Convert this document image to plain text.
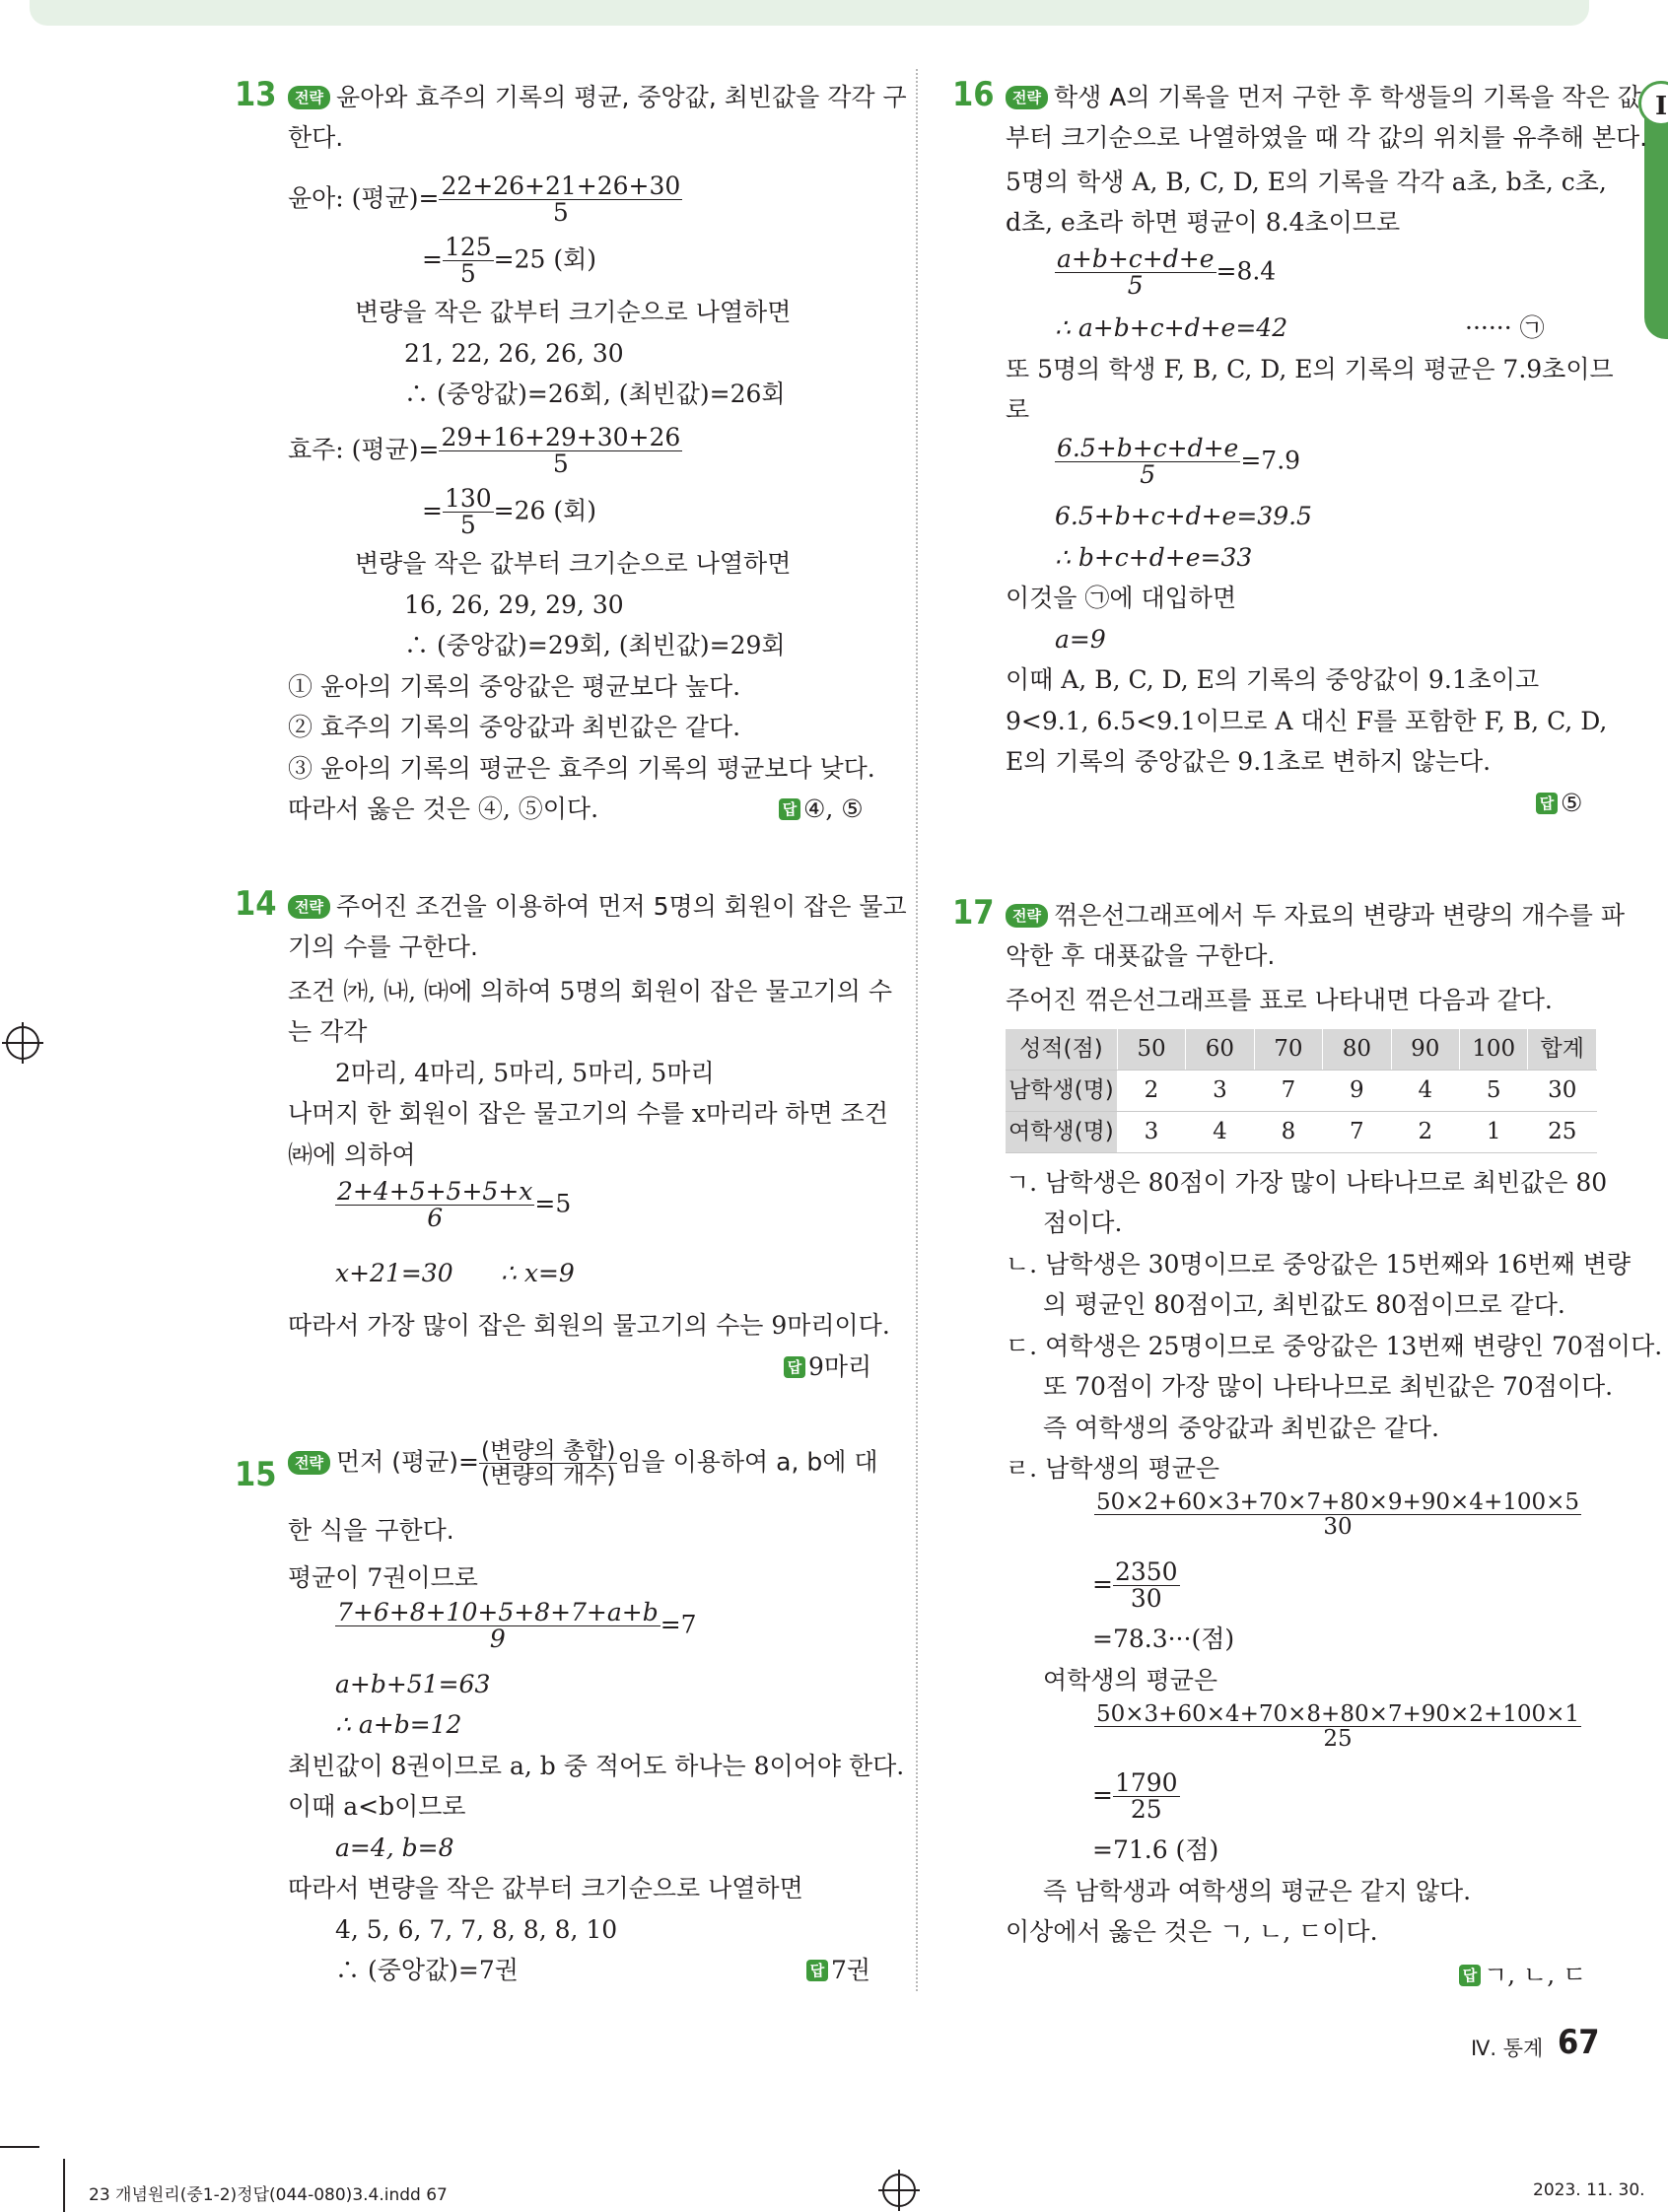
I
13	전략 윤아와 효주의 기록의 평균, 중앙값, 최빈값을 각각 구
한다.
윤아: (평균)= $\frac{22+26+21+26+30}{5}$
= $\frac{125}{5} =25$ (회)
변량을 작은 값부터 크기순으로 나열하면
21, 22, 26, 26, 30
∴ (중앙값)=26회, (최빈값)=26회
효주: (평균)= $\frac{29+16+29+30+26}{5}$
= $\frac{130}{5} =26$ (회)
변량을 작은 값부터 크기순으로 나열하면
16, 26, 29, 29, 30
∴ (중앙값)=29회, (최빈값)=29회
① 윤아의 기록의 중앙값은 평균보다 높다.
② 효주의 기록의 중앙값과 최빈값은 같다.
③ 윤아의 기록의 평균은 효주의 기록의 평균보다 낮다.
따라서 옳은 것은 ④, ⑤이다.	답 ④, ⑤
14	전략 주어진 조건을 이용하여 먼저 5명의 회원이 잡은 물고
기의 수를 구한다.
조건 ㈎, ㈏, ㈐에 의하여 5명의 회원이 잡은 물고기의 수
는 각각
2마리, 4마리, 5마리, 5마리, 5마리
나머지 한 회원이 잡은 물고기의 수를 x마리라 하면 조건
㈑에 의하여
$\frac{2+4+5+5+5+x}{6} =5$
x+21=30 ∴ x=9
따라서 가장 많이 잡은 회원의 물고기의 수는 9마리이다.
답 9마리
15	전략 먼저 (평균)= $\frac{\text{(변량의 총합)}}{\text{(변량의 개수)}}$ 임을 이용하여 a, b에 대
한 식을 구한다.
평균이 7권이므로
$\frac{7+6+8+10+5+8+7+a+b}{9} =7$
a+b+51=63
∴ a+b=12
최빈값이 8권이므로 a, b 중 적어도 하나는 8이어야 한다.
이때 a<b이므로
a=4, b=8
따라서 변량을 작은 값부터 크기순으로 나열하면
4, 5, 6, 7, 7, 8, 8, 8, 10
∴ (중앙값)=7권	답 7권
16	전략 학생 A의 기록을 먼저 구한 후 학생들의 기록을 작은 값
부터 크기순으로 나열하였을 때 각 값의 위치를 유추해 본다.
5명의 학생 A, B, C, D, E의 기록을 각각 a초, b초, c초,
d초, e초라 하면 평균이 8.4초이므로
$\frac{a+b+c+d+e}{5} =8.4$
∴ a+b+c+d+e=42	······ ㉠
또 5명의 학생 F, B, C, D, E의 기록의 평균은 7.9초이므
로
$\frac{6.5+b+c+d+e}{5} =7.9$
6.5+b+c+d+e=39.5
∴ b+c+d+e=33
이것을 ㉠에 대입하면
a=9
이때 A, B, C, D, E의 기록의 중앙값이 9.1초이고
9<9.1, 6.5<9.1이므로 A 대신 F를 포함한 F, B, C, D,
E의 기록의 중앙값은 9.1초로 변하지 않는다.
답 ⑤
17	전략 꺾은선그래프에서 두 자료의 변량과 변량의 개수를 파
악한 후 대푯값을 구한다.
주어진 꺾은선그래프를 표로 나타내면 다음과 같다.
성적(점)	50	60	70	80	90	100	합계
남학생(명)	2	3	7	9	4	5	30
여학생(명)	3	4	8	7	2	1	25
ㄱ. 남학생은 80점이 가장 많이 나타나므로 최빈값은 80
점이다.
ㄴ. 남학생은 30명이므로 중앙값은 15번째와 16번째 변량
의 평균인 80점이고, 최빈값도 80점이므로 같다.
ㄷ. 여학생은 25명이므로 중앙값은 13번째 변량인 70점이다.
또 70점이 가장 많이 나타나므로 최빈값은 70점이다.
즉 여학생의 중앙값과 최빈값은 같다.
ㄹ. 남학생의 평균은
$\frac{50\times 2+60\times 3+70\times 7+80\times 9+90\times 4+100\times 5}{30}$
= $\frac{2350}{30}$
=78.3···(점)
여학생의 평균은
$\frac{50\times 3+60\times 4+70\times 8+80\times 7+90\times 2+100\times 1}{25}$
= $\frac{1790}{25}$
=71.6 (점)
즉 남학생과 여학생의 평균은 같지 않다.
이상에서 옳은 것은 ㄱ, ㄴ, ㄷ이다.
답 ㄱ, ㄴ, ㄷ
Ⅳ. 통계 67
23 개념원리(중1-2)정답(044-080)3.4.indd 67	2023. 11. 30.
